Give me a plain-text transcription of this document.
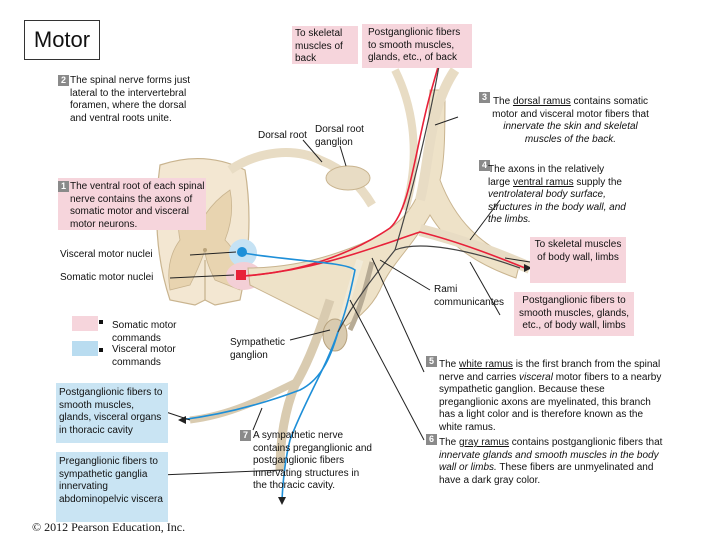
Motor	To skeletal muscles of back
Postganglionic fibers to smooth muscles, glands, etc., of back
Dorsal root
Dorsal root ganglion
2 The spinal nerve forms just lateral to the intervertebral foramen, where the dorsal and ventral roots unite.
1 The ventral root of each spinal nerve contains the axons of somatic motor and visceral motor neurons.
Visceral motor nuclei
Somatic motor nuclei
Somatic motor commands
Visceral motor commands
Postganglionic fibers to smooth muscles, glands, visceral organs in thoracic cavity
Preganglionic fibers to sympathetic ganglia innervating abdominopelvic viscera
© 2012 Pearson Education, Inc.
Sympathetic ganglion
7 A sympathetic nerve contains preganglionic and postganglionic fibers innervating structures in the thoracic cavity.
Rami communicantes
3 The dorsal ramus contains somatic motor and visceral motor fibers that innervate the skin and skeletal muscles of the back.
4 The axons in the relatively large ventral ramus supply the ventrolateral body surface, structures in the body wall, and the limbs.
To skeletal muscles of body wall, limbs
Postganglionic fibers to smooth muscles, glands, etc., of body wall, limbs
5 The white ramus is the first branch from the spinal nerve and carries visceral motor fibers to a nearby sympathetic ganglion. Because these preganglionic axons are myelinated, this branch has a light color and is therefore known as the white ramus.
6 The gray ramus contains postganglionic fibers that innervate glands and smooth muscles in the body wall or limbs. These fibers are unmyelinated and have a dark gray color.
